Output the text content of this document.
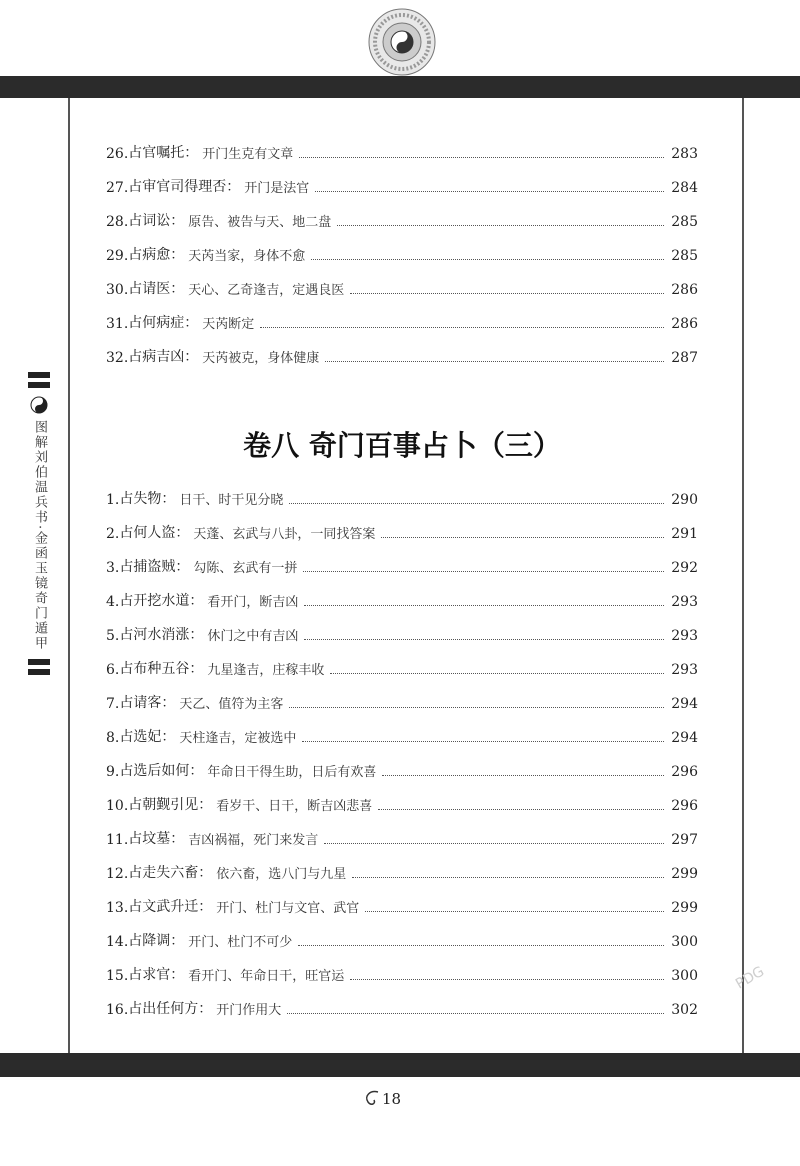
图解刘伯温兵书·金函玉镜奇门遁甲
26. 占官嘱托： 开门生克有文章	283
27. 占审官司得理否： 开门是法官	284
28. 占词讼： 原告、被告与天、地二盘	285
29. 占病愈： 天芮当家，身体不愈	285
30. 占请医： 天心、乙奇逢吉，定遇良医	286
31. 占何病症： 天芮断定	286
32. 占病吉凶： 天芮被克，身体健康	287
卷八 奇门百事占卜（三）
1. 占失物： 日干、时干见分晓	290
2. 占何人盗： 天蓬、玄武与八卦，一同找答案	291
3. 占捕盗贼： 勾陈、玄武有一拼	292
4. 占开挖水道： 看开门，断吉凶	293
5. 占河水消涨： 休门之中有吉凶	293
6. 占布种五谷： 九星逢吉，庄稼丰收	293
7. 占请客： 天乙、值符为主客	294
8. 占选妃： 天柱逢吉，定被选中	294
9. 占选后如何： 年命日干得生助，日后有欢喜	296
10. 占朝觐引见： 看岁干、日干，断吉凶悲喜	296
11. 占坟墓： 吉凶祸福，死门来发言	297
12. 占走失六畜： 依六畜，选八门与九星	299
13. 占文武升迁： 开门、杜门与文官、武官	299
14. 占降调： 开门、杜门不可少	300
15. 占求官： 看开门、年命日干，旺官运	300
16. 占出任何方： 开门作用大	302
18
PDG
